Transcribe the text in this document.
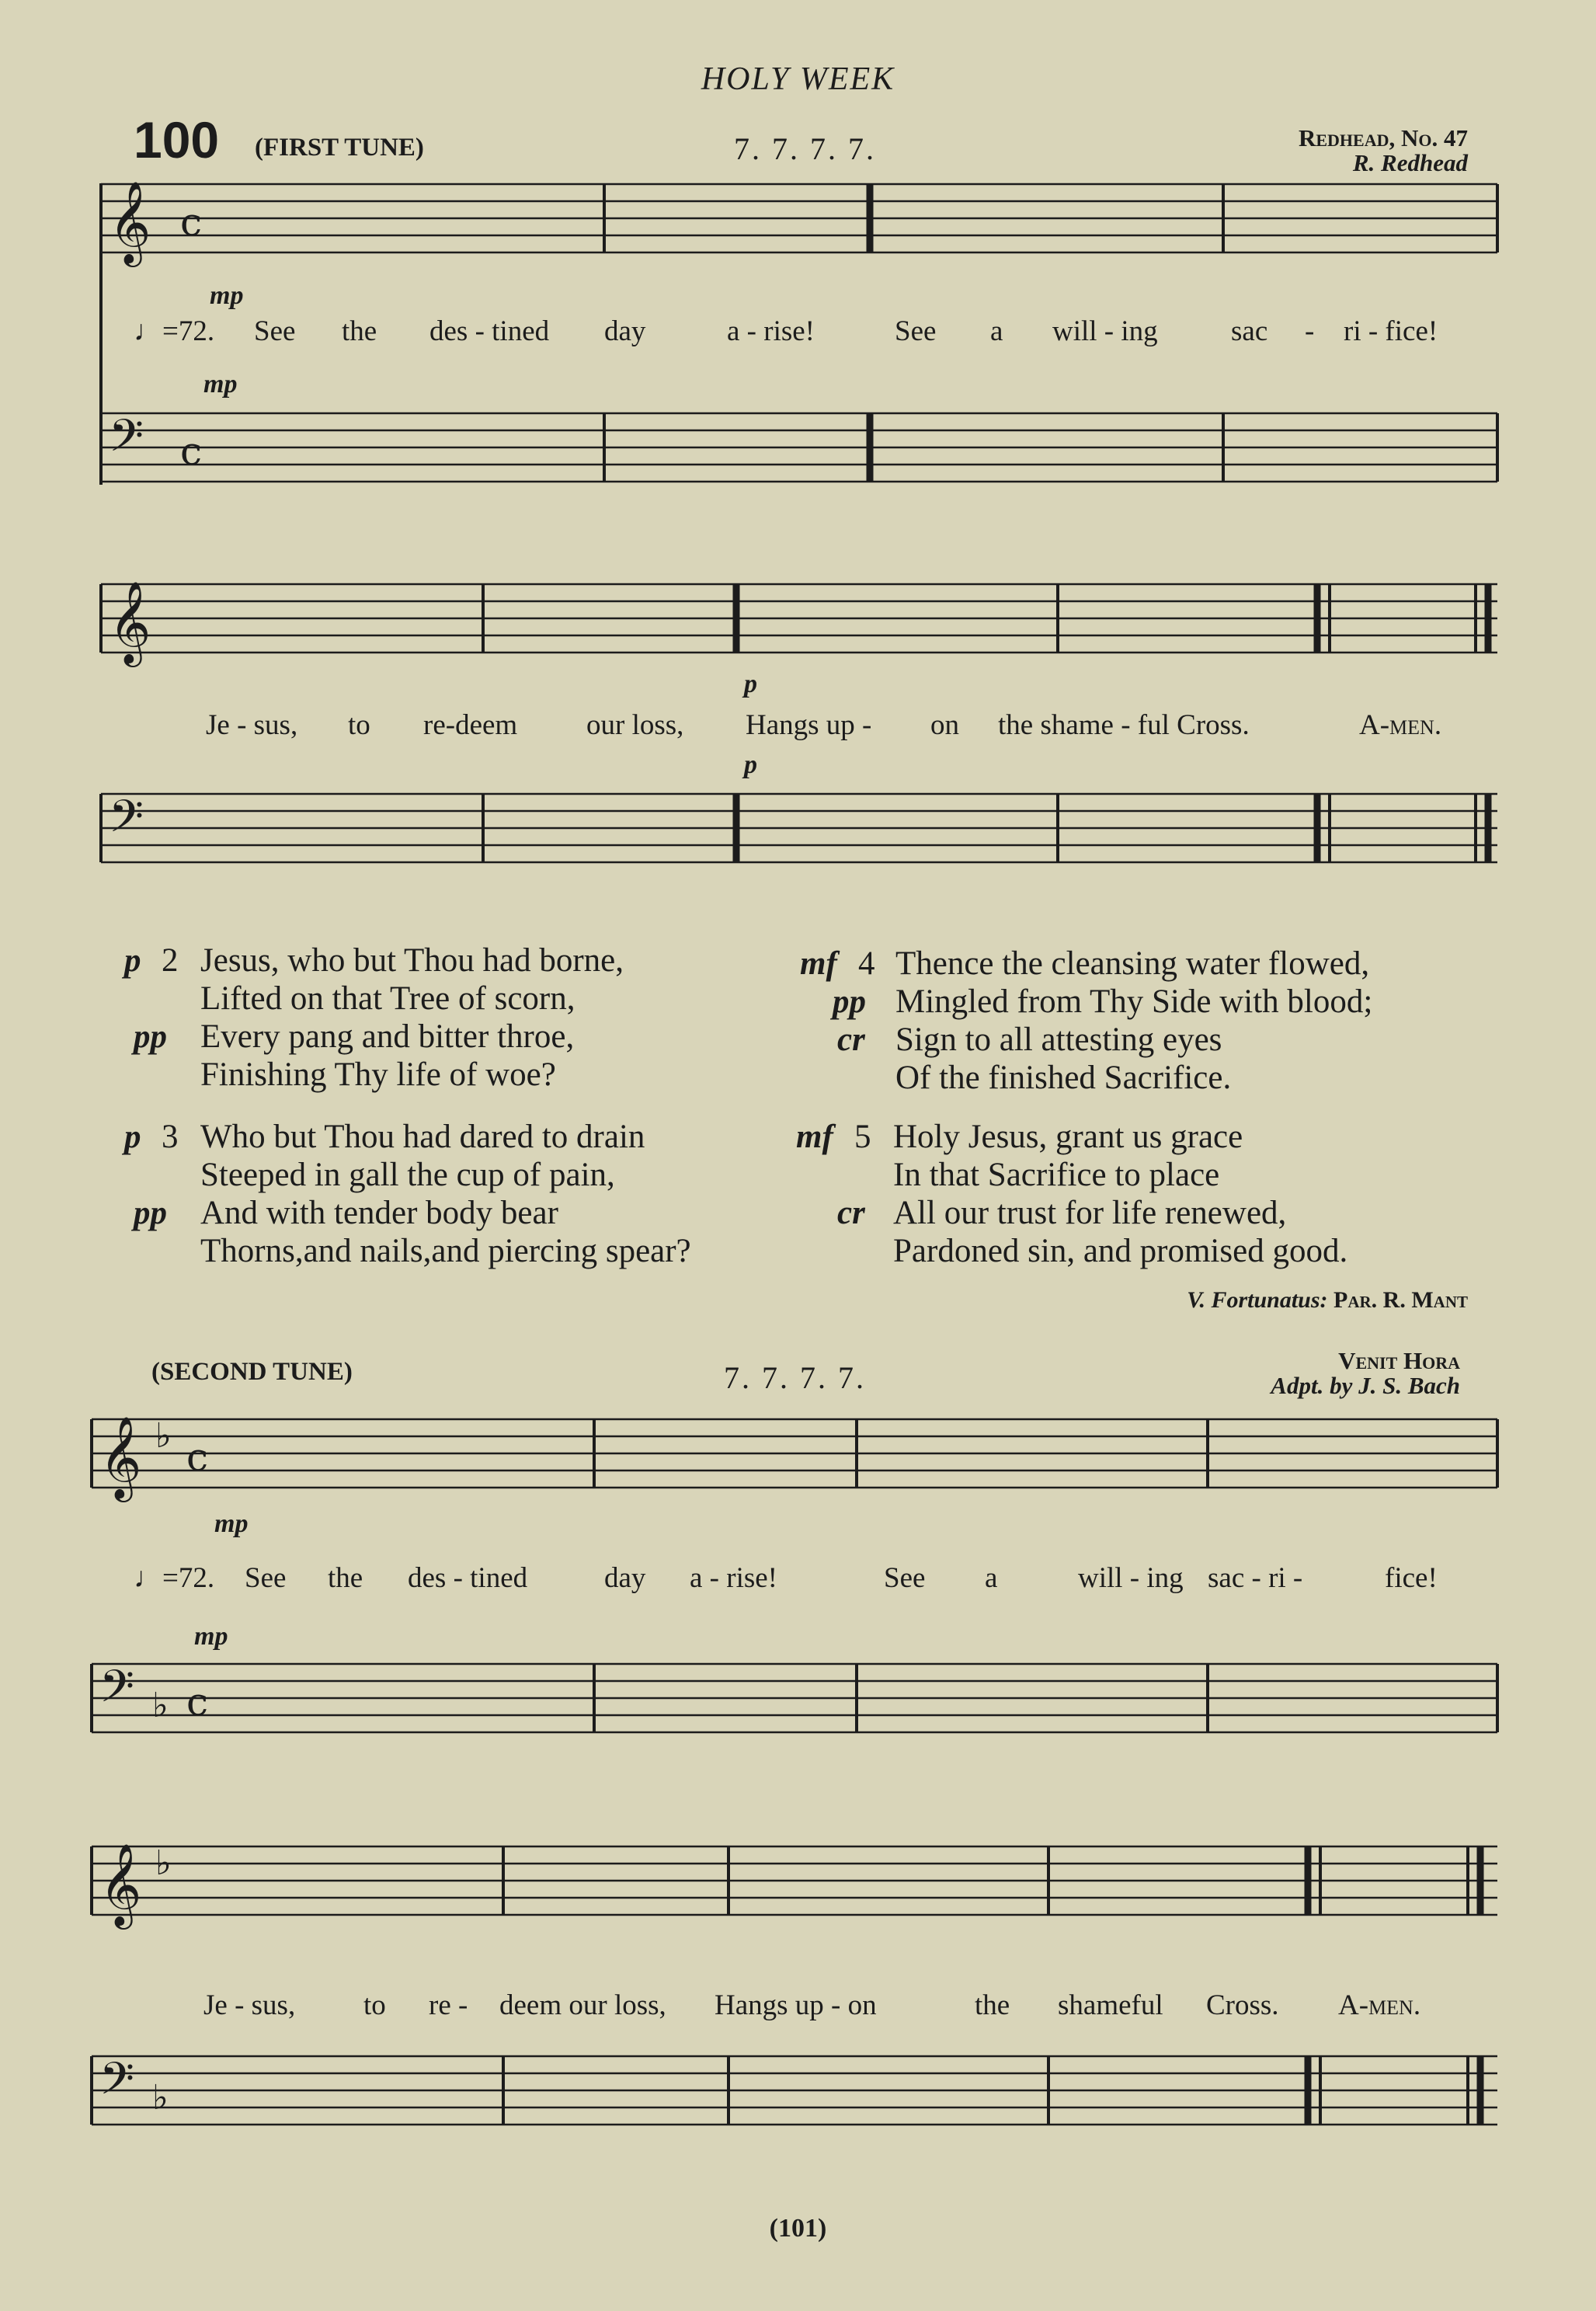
HOLY WEEK
100 (FIRST TUNE)	7. 7. 7. 7.	Redhead, No. 47
R. Redhead
𝄞 c
𝄢 c
mp
mp
♩=72. See the des - tined day	a - rise!	See a will - ing	sac - ri - fice!
𝄞
𝄢
p
p
Je - sus, to re-deem our loss, Hangs up - on the shame - ful Cross.	A-men.
p 2 Jesus, who but Thou had borne,
Lifted on that Tree of scorn,
pp Every pang and bitter throe,
Finishing Thy life of woe?
p 3 Who but Thou had dared to drain
Steeped in gall the cup of pain,
pp And with tender body bear
Thorns,and nails,and piercing spear?
mf 4 Thence the cleansing water flowed,
pp Mingled from Thy Side with blood;
cr Sign to all attesting eyes
Of the finished Sacrifice.
mf 5 Holy Jesus, grant us grace
In that Sacrifice to place
cr All our trust for life renewed,
Pardoned sin, and promised good.
V. Fortunatus: Par. R. Mant
(SECOND TUNE)	7. 7. 7. 7.	Venit Hora
Adpt. by J. S. Bach
𝄞 ♭ c
𝄢 ♭ c
mp
mp
♩=72. See the des - tined	day a - rise!	See a	will - ing sac - ri -	fice!
𝄞 ♭
𝄢 ♭
Je - sus, to re - deem our loss, Hangs up - on	the shameful Cross. A-men.
(101)
